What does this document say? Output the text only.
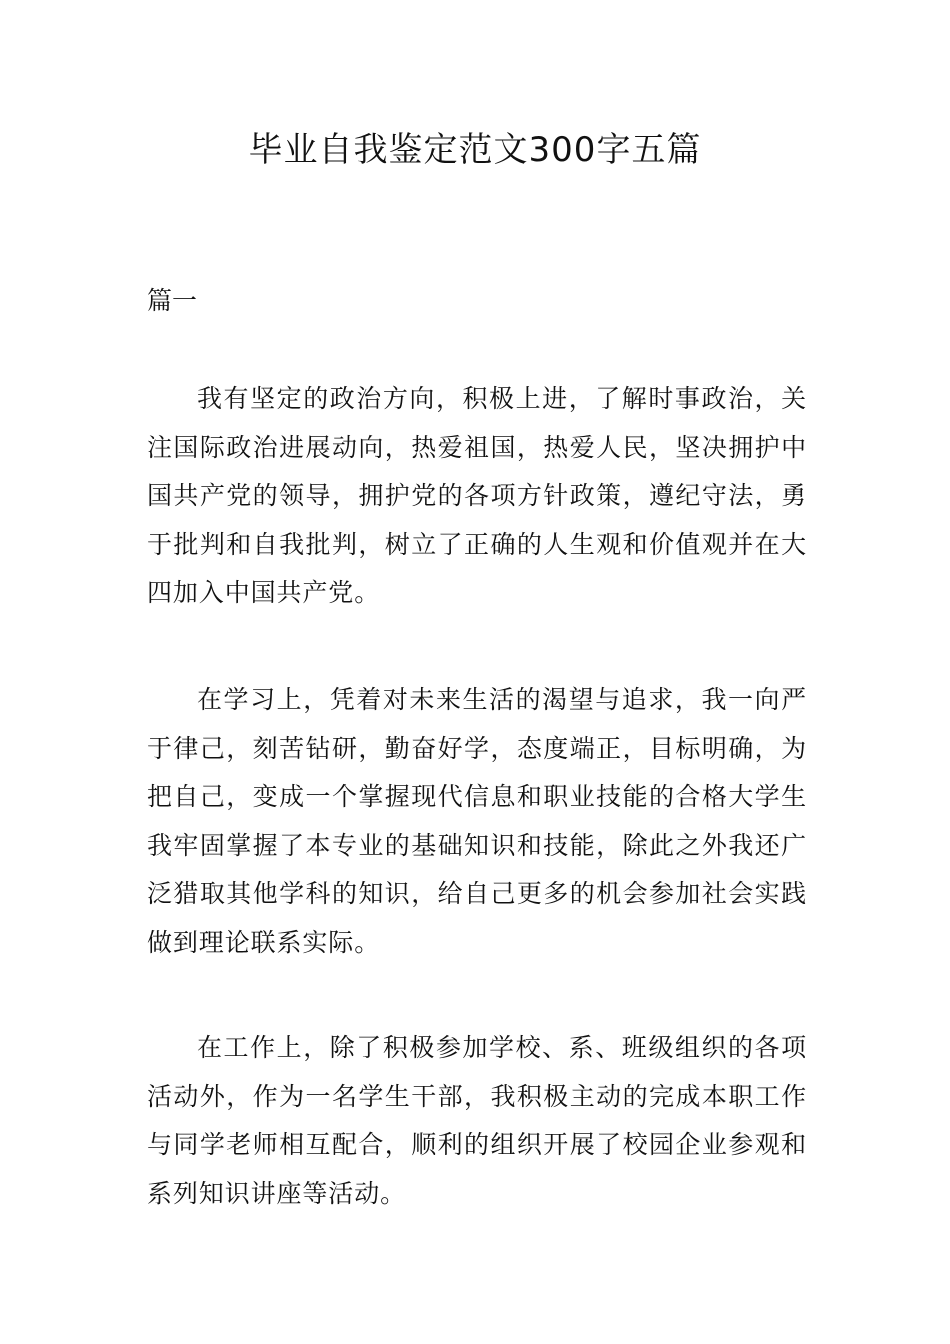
毕业自我鉴定范文300字五篇
篇一

我有坚定的政治方向，积极上进，了解时事政治，关注国际政治进展动向，热爱祖国，热爱人民，坚决拥护中国共产党的领导，拥护党的各项方针政策，遵纪守法，勇于批判和自我批判，树立了正确的人生观和价值观并在大四加入中国共产党。

在学习上，凭着对未来生活的渴望与追求，我一向严于律己，刻苦钻研，勤奋好学，态度端正，目标明确，为把自己，变成一个掌握现代信息和职业技能的合格大学生我牢固掌握了本专业的基础知识和技能，除此之外我还广泛猎取其他学科的知识，给自己更多的机会参加社会实践做到理论联系实际。

在工作上，除了积极参加学校、系、班级组织的各项活动外，作为一名学生干部，我积极主动的完成本职工作与同学老师相互配合，顺利的组织开展了校园企业参观和系列知识讲座等活动。
